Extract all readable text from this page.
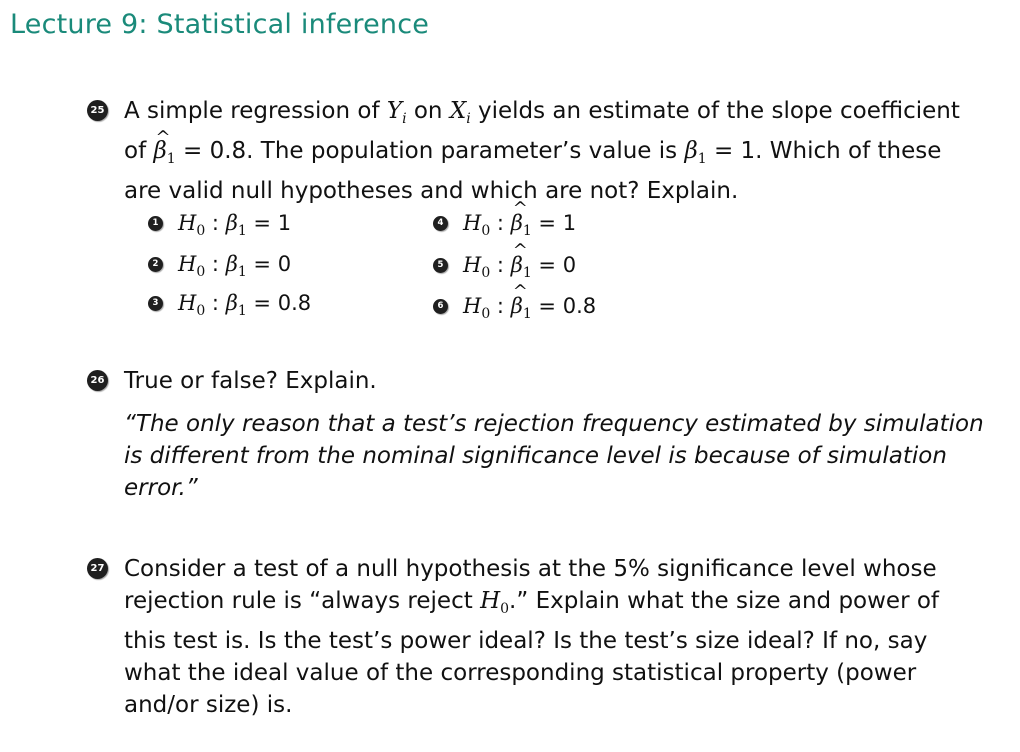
Lecture 9: Statistical inference
25 A simple regression of $Y_i$ on $X_i$ yields an estimate of the slope coefficient
of β $\^{}_1 = 0.8$. The population parameter’s value is $\beta_1 = 1$. Which of these
are valid null hypotheses and which are not? Explain.
1 $H_0$ : $\beta_1 = 1$
2 $H_0$ : $\beta_1 = 0$
3 $H_0$ : $\beta_1 = 0.8$
4 $H_0$ : β $\^{}_1 = 1$
5 $H_0$ : β $\^{}_1 = 0$
6 $H_0$ : β $\^{}_1 = 0.8$
26 True or false? Explain.
“The only reason that a test’s rejection frequency estimated by simulation
is different from the nominal significance level is because of simulation
error.”
27 Consider a test of a null hypothesis at the 5% significance level whose
rejection rule is “always reject $H_0$.” Explain what the size and power of
this test is. Is the test’s power ideal? Is the test’s size ideal? If no, say
what the ideal value of the corresponding statistical property (power
and/or size) is.
